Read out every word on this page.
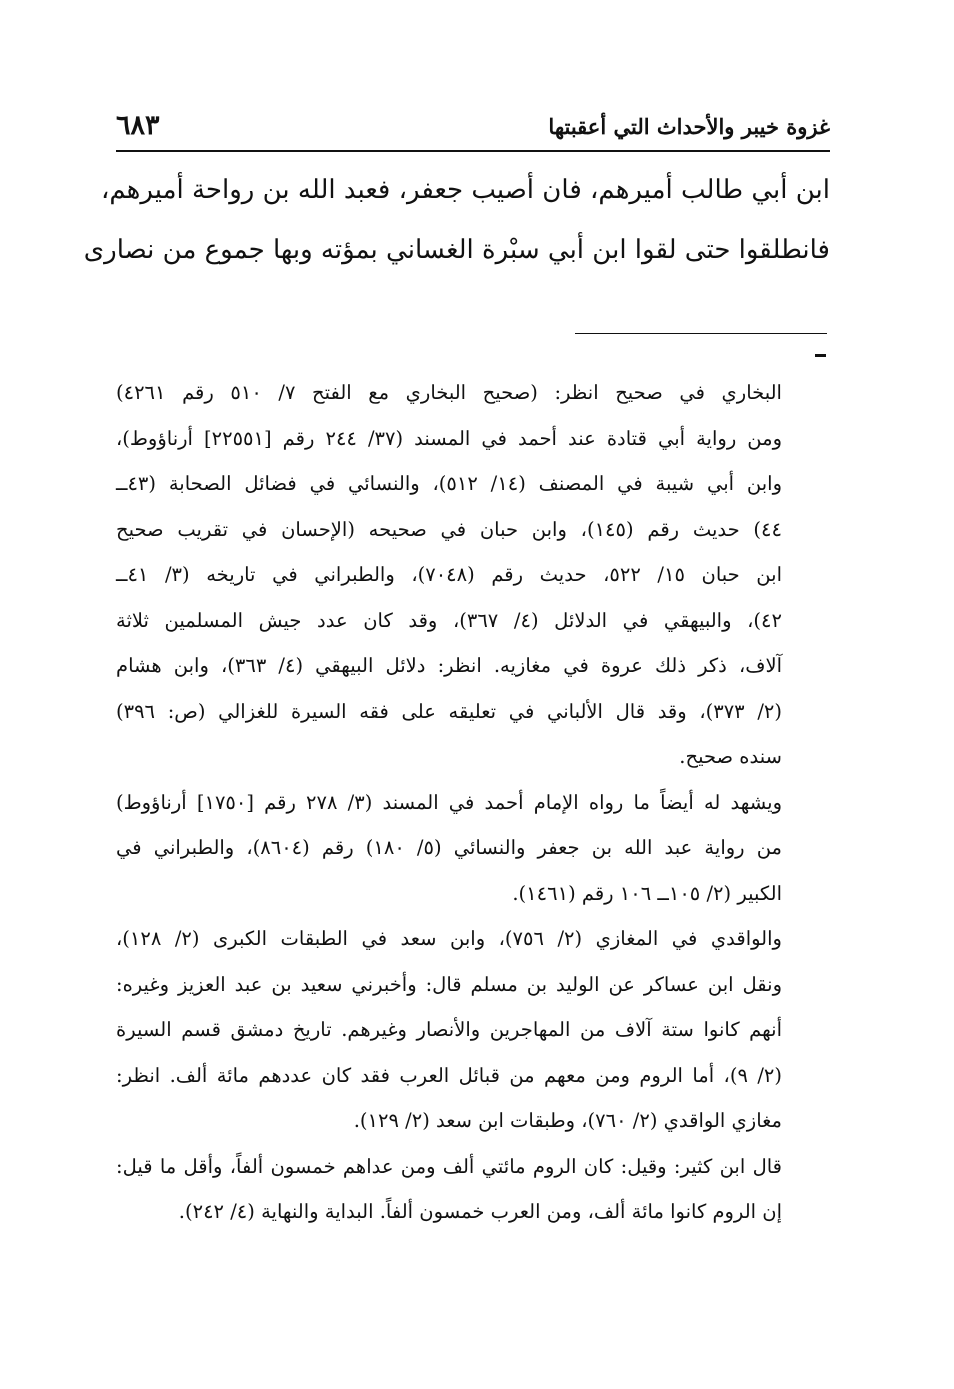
غزوة خيبر والأحداث التي أعقبتها
٦٨٣
ابن أبي طالب أميرهم، فان أصيب جعفر، فعبد الله بن رواحة أميرهم،
فانطلقوا حتى لقوا ابن أبي سبْرة الغساني بمؤته وبها جموع من نصارى
البخاري في صحيح انظر: (صحيح البخاري مع الفتح ٧/ ٥١٠ رقم ٤٢٦١)
ومن رواية أبي قتادة عند أحمد في المسند (٣٧/ ٢٤٤ رقم [٢٢٥٥١] أرناؤوط)،
وابن أبي شيبة في المصنف (١٤/ ٥١٢)، والنسائي في فضائل الصحابة (٤٣ــ
٤٤) حديث رقم (١٤٥)، وابن حبان في صحيحه (الإحسان في تقريب صحيح
ابن حبان ١٥/ ٥٢٢، حديث رقم (٧٠٤٨)، والطبراني في تاريخه (٣/ ٤١ــ
٤٢)، والبيهقي في الدلائل (٤/ ٣٦٧)، وقد كان عدد جيش المسلمين ثلاثة
آلاف، ذكر ذلك عروة في مغازيه. انظر: دلائل البيهقي (٤/ ٣٦٣)، وابن هشام
(٢/ ٣٧٣)، وقد قال الألباني في تعليقه على فقه السيرة للغزالي (ص: ٣٩٦)
سنده صحيح.
ويشهد له أيضاً ما رواه الإمام أحمد في المسند (٣/ ٢٧٨ رقم [١٧٥٠] أرناؤوط)
من رواية عبد الله بن جعفر والنسائي (٥/ ١٨٠) رقم (٨٦٠٤)، والطبراني في
الكبير (٢/ ١٠٥ــ ١٠٦ رقم (١٤٦١).
والواقدي في المغازي (٢/ ٧٥٦)، وابن سعد في الطبقات الكبرى (٢/ ١٢٨)،
ونقل ابن عساكر عن الوليد بن مسلم قال: وأخبرني سعيد بن عبد العزيز وغيره:
أنهم كانوا ستة آلاف من المهاجرين والأنصار وغيرهم. تاريخ دمشق قسم السيرة
(٢/ ٩)، أما الروم ومن معهم من قبائل العرب فقد كان عددهم مائة ألف. انظر:
مغازي الواقدي (٢/ ٧٦٠)، وطبقات ابن سعد (٢/ ١٢٩).
قال ابن كثير: وقيل: كان الروم مائتي ألف ومن عداهم خمسون ألفاً، وأقل ما قيل:
إن الروم كانوا مائة ألف، ومن العرب خمسون ألفاً. البداية والنهاية (٤/ ٢٤٢).
